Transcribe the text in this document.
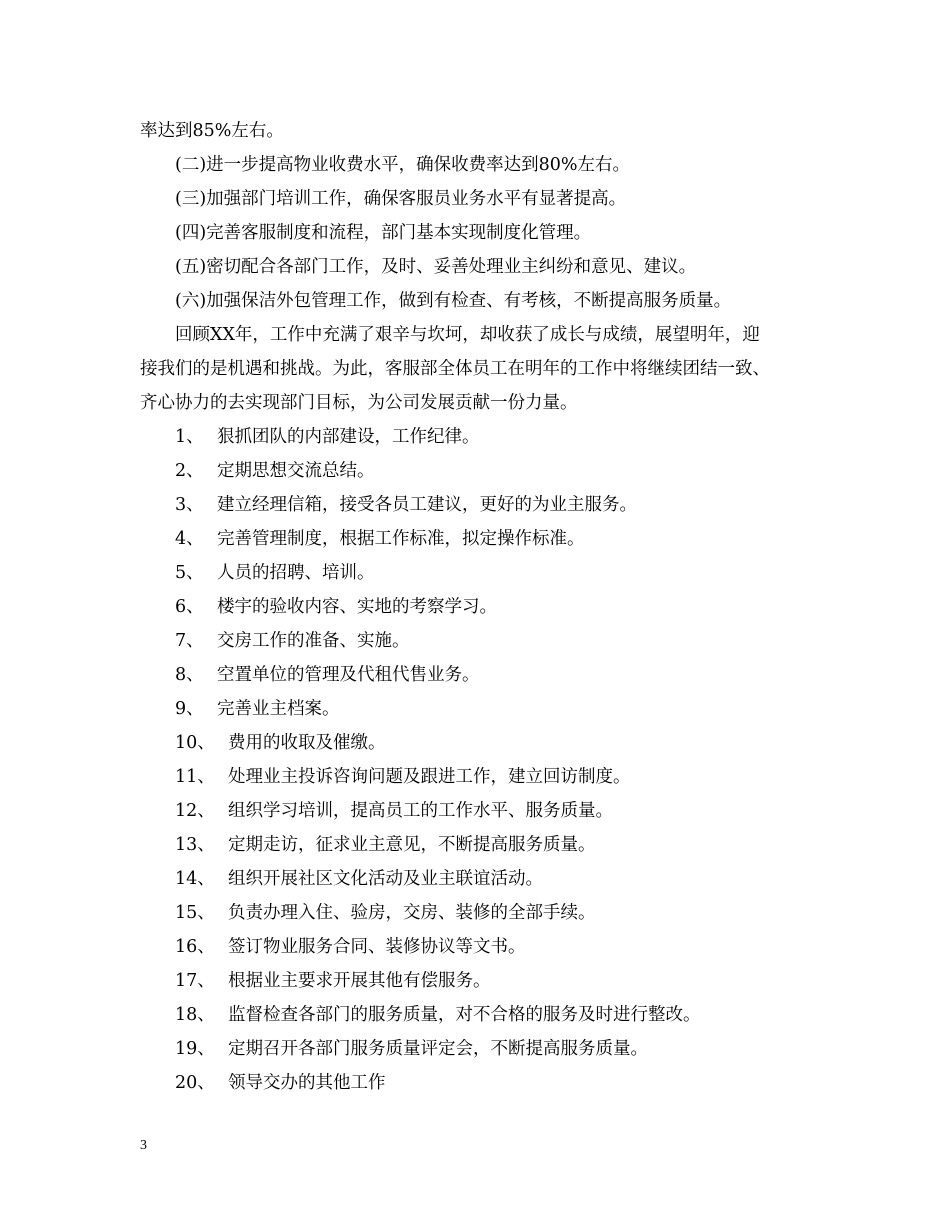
率达到85%左右。

(二)进一步提高物业收费水平，确保收费率达到80%左右。

(三)加强部门培训工作，确保客服员业务水平有显著提高。

(四)完善客服制度和流程，部门基本实现制度化管理。

(五)密切配合各部门工作，及时、妥善处理业主纠纷和意见、建议。

(六)加强保洁外包管理工作，做到有检查、有考核，不断提高服务质量。

回顾XX年，工作中充满了艰辛与坎坷，却收获了成长与成绩，展望明年，迎

接我们的是机遇和挑战。为此，客服部全体员工在明年的工作中将继续团结一致、

齐心协力的去实现部门目标，为公司发展贡献一份力量。

1、 狠抓团队的内部建设，工作纪律。

2、 定期思想交流总结。

3、 建立经理信箱，接受各员工建议，更好的为业主服务。

4、 完善管理制度，根据工作标准，拟定操作标准。

5、 人员的招聘、培训。

6、 楼宇的验收内容、实地的考察学习。

7、 交房工作的准备、实施。

8、 空置单位的管理及代租代售业务。

9、 完善业主档案。

10、 费用的收取及催缴。

11、 处理业主投诉咨询问题及跟进工作，建立回访制度。

12、 组织学习培训，提高员工的工作水平、服务质量。

13、 定期走访，征求业主意见，不断提高服务质量。

14、 组织开展社区文化活动及业主联谊活动。

15、 负责办理入住、验房，交房、装修的全部手续。

16、 签订物业服务合同、装修协议等文书。

17、 根据业主要求开展其他有偿服务。

18、 监督检查各部门的服务质量，对不合格的服务及时进行整改。

19、 定期召开各部门服务质量评定会，不断提高服务质量。

20、 领导交办的其他工作

3
